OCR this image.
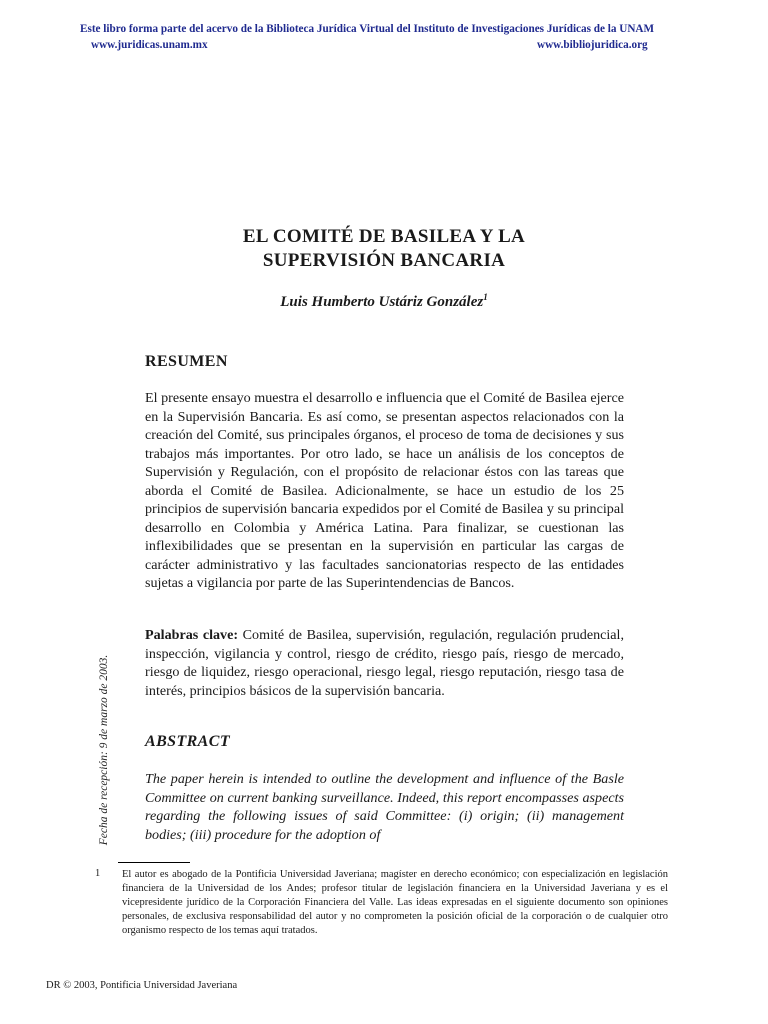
Este libro forma parte del acervo de la Biblioteca Jurídica Virtual del Instituto de Investigaciones Jurídicas de la UNAM
www.juridicas.unam.mx	www.bibliojuridica.org
EL COMITÉ DE BASILEA Y LA
SUPERVISIÓN BANCARIA
Luis Humberto Ustáriz González$^1$
RESUMEN
El presente ensayo muestra el desarrollo e influencia que el Comité de Basilea ejerce en la Supervisión Bancaria. Es así como, se presentan aspectos relacionados con la creación del Comité, sus principales órganos, el proceso de toma de decisiones y sus trabajos más importantes. Por otro lado, se hace un análisis de los conceptos de Supervisión y Regulación, con el propósito de relacionar éstos con las tareas que aborda el Comité de Basilea. Adicionalmente, se hace un estudio de los 25 principios de supervisión bancaria expedidos por el Comité de Basilea y su principal desarrollo en Colombia y América Latina. Para finalizar, se cuestionan las inflexibilidades que se presentan en la supervisión en particular las cargas de carácter administrativo y las facultades sancionatorias respecto de las entidades sujetas a vigilancia por parte de las Superintendencias de Bancos.
Palabras clave: Comité de Basilea, supervisión, regulación, regulación prudencial, inspección, vigilancia y control, riesgo de crédito, riesgo país, riesgo de mercado, riesgo de liquidez, riesgo operacional, riesgo legal, riesgo reputación, riesgo tasa de interés, principios básicos de la supervisión bancaria.
ABSTRACT
The paper herein is intended to outline the development and influence of the Basle Committee on current banking surveillance. Indeed, this report encompasses aspects regarding the following issues of said Committee: (i) origin; (ii) management bodies; (iii) procedure for the adoption of
Fecha de recepción: 9 de marzo de 2003.
1 El autor es abogado de la Pontificia Universidad Javeriana; magíster en derecho económico; con especialización en legislación financiera de la Universidad de los Andes; profesor titular de legislación financiera en la Universidad Javeriana y es el vicepresidente jurídico de la Corporación Financiera del Valle. Las ideas expresadas en el siguiente documento son opiniones personales, de exclusiva responsabilidad del autor y no comprometen la posición oficial de la corporación o de cualquier otro organismo respecto de los temas aquí tratados.
DR © 2003, Pontificia Universidad Javeriana
